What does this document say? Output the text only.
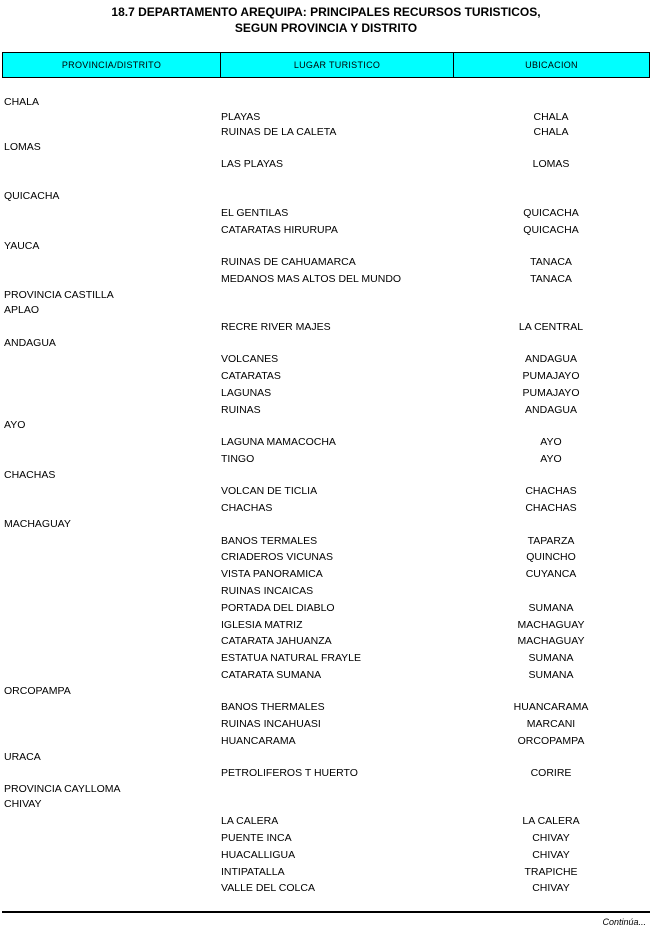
18.7 DEPARTAMENTO AREQUIPA: PRINCIPALES RECURSOS TURISTICOS,
SEGUN PROVINCIA Y DISTRITO
PROVINCIA/DISTRITO	LUGAR TURISTICO	UBICACION
CHALA
PLAYAS	CHALA
RUINAS DE LA CALETA	CHALA
LOMAS
LAS PLAYAS	LOMAS
QUICACHA
EL GENTILAS	QUICACHA
CATARATAS HIRURUPA	QUICACHA
YAUCA
RUINAS DE CAHUAMARCA	TANACA
MEDANOS MAS ALTOS DEL MUNDO	TANACA
PROVINCIA CASTILLA
APLAO
RECRE RIVER MAJES	LA CENTRAL
ANDAGUA
VOLCANES	ANDAGUA
CATARATAS	PUMAJAYO
LAGUNAS	PUMAJAYO
RUINAS	ANDAGUA
AYO
LAGUNA MAMACOCHA	AYO
TINGO	AYO
CHACHAS
VOLCAN DE TICLIA	CHACHAS
CHACHAS	CHACHAS
MACHAGUAY
BANOS TERMALES	TAPARZA
CRIADEROS VICUNAS	QUINCHO
VISTA PANORAMICA	CUYANCA
RUINAS INCAICAS
PORTADA DEL DIABLO	SUMANA
IGLESIA MATRIZ	MACHAGUAY
CATARATA JAHUANZA	MACHAGUAY
ESTATUA NATURAL FRAYLE	SUMANA
CATARATA SUMANA	SUMANA
ORCOPAMPA
BANOS THERMALES	HUANCARAMA
RUINAS INCAHUASI	MARCANI
HUANCARAMA	ORCOPAMPA
URACA
PETROLIFEROS T HUERTO	CORIRE
PROVINCIA CAYLLOMA
CHIVAY
LA CALERA	LA CALERA
PUENTE INCA	CHIVAY
HUACALLIGUA	CHIVAY
INTIPATALLA	TRAPICHE
VALLE DEL COLCA	CHIVAY
Continúa...
